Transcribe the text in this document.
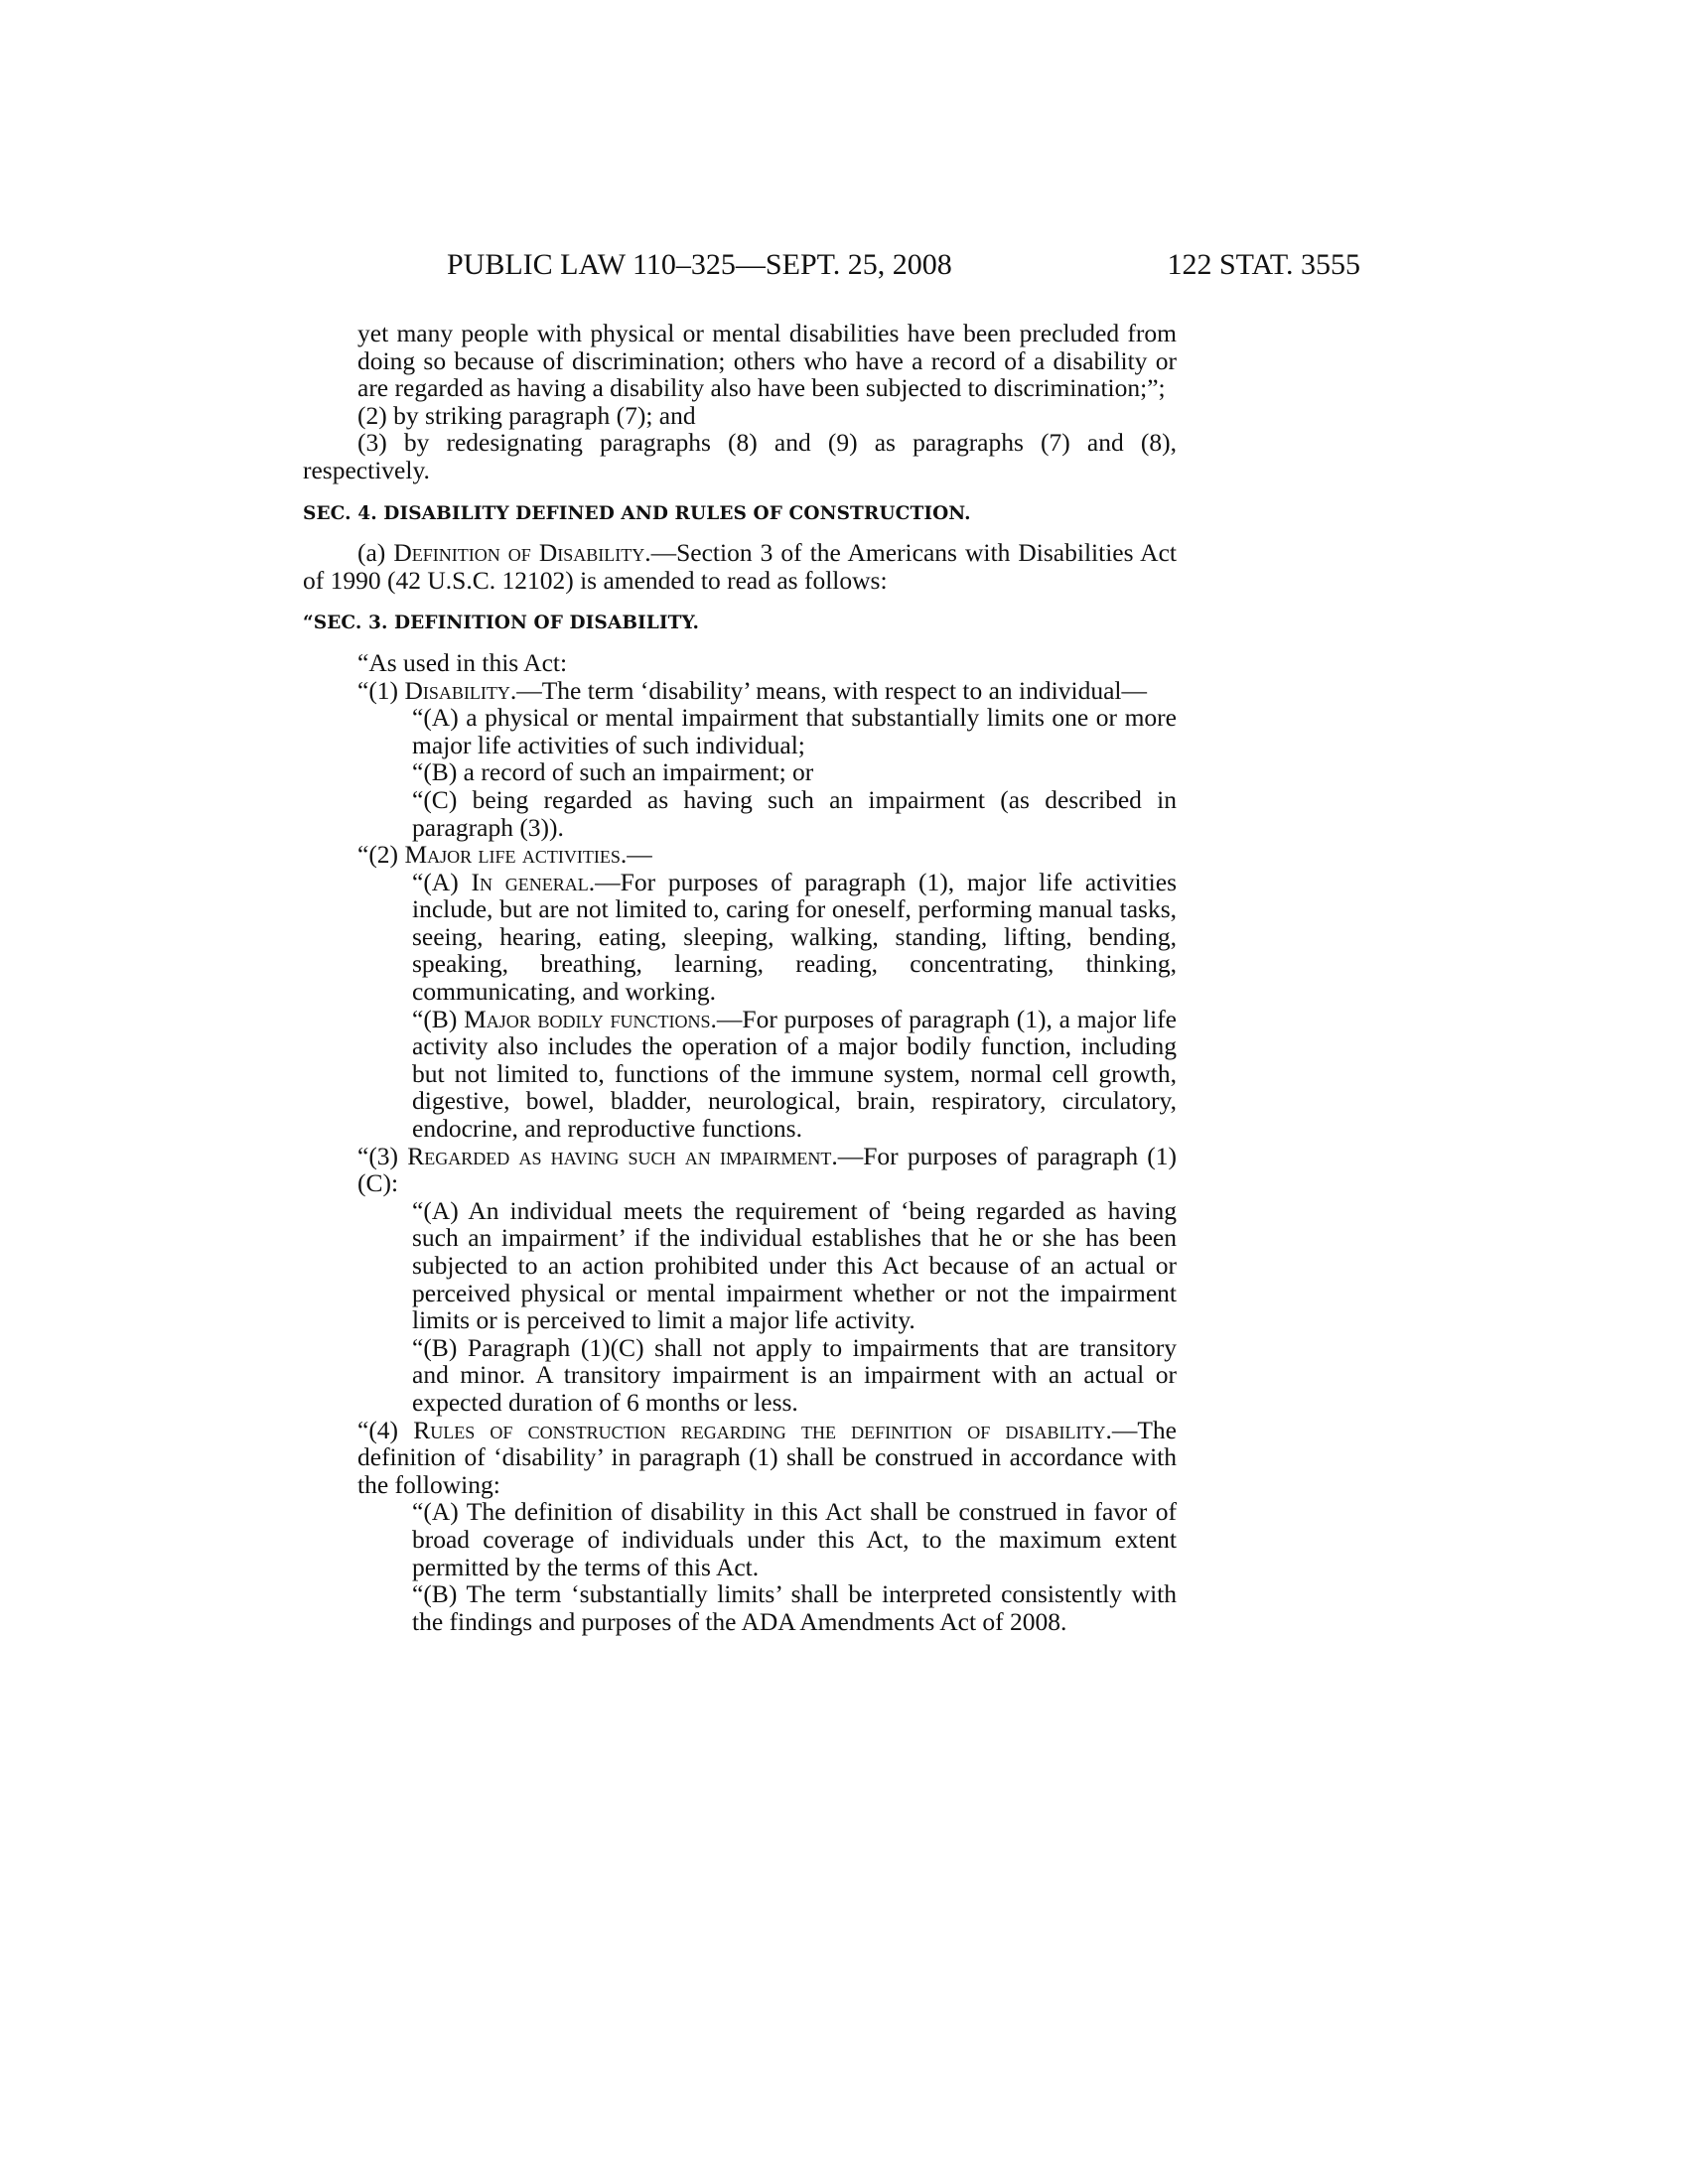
PUBLIC LAW 110–325—SEPT. 25, 2008	122 STAT. 3555

yet many people with physical or mental disabilities have been precluded from doing so because of discrimination; others who have a record of a disability or are regarded as having a disability also have been subjected to discrimination;”;

(2) by striking paragraph (7); and

(3) by redesignating paragraphs (8) and (9) as paragraphs (7) and (8), respectively.

SEC. 4. DISABILITY DEFINED AND RULES OF CONSTRUCTION.

(a) Definition of Disability.—Section 3 of the Americans with Disabilities Act of 1990 (42 U.S.C. 12102) is amended to read as follows:

“SEC. 3. DEFINITION OF DISABILITY.

“As used in this Act:

“(1) Disability.—The term ‘disability’ means, with respect to an individual—

“(A) a physical or mental impairment that substantially limits one or more major life activities of such individual;

“(B) a record of such an impairment; or

“(C) being regarded as having such an impairment (as described in paragraph (3)).

“(2) Major life activities.—

“(A) In general.—For purposes of paragraph (1), major life activities include, but are not limited to, caring for oneself, performing manual tasks, seeing, hearing, eating, sleeping, walking, standing, lifting, bending, speaking, breathing, learning, reading, concentrating, thinking, communicating, and working.

“(B) Major bodily functions.—For purposes of paragraph (1), a major life activity also includes the operation of a major bodily function, including but not limited to, functions of the immune system, normal cell growth, digestive, bowel, bladder, neurological, brain, respiratory, circulatory, endocrine, and reproductive functions.

“(3) Regarded as having such an impairment.—For purposes of paragraph (1)(C):

“(A) An individual meets the requirement of ‘being regarded as having such an impairment’ if the individual establishes that he or she has been subjected to an action prohibited under this Act because of an actual or perceived physical or mental impairment whether or not the impairment limits or is perceived to limit a major life activity.

“(B) Paragraph (1)(C) shall not apply to impairments that are transitory and minor. A transitory impairment is an impairment with an actual or expected duration of 6 months or less.

“(4) Rules of construction regarding the definition of disability.—The definition of ‘disability’ in paragraph (1) shall be construed in accordance with the following:

“(A) The definition of disability in this Act shall be construed in favor of broad coverage of individuals under this Act, to the maximum extent permitted by the terms of this Act.

“(B) The term ‘substantially limits’ shall be interpreted consistently with the findings and purposes of the ADA Amendments Act of 2008.
